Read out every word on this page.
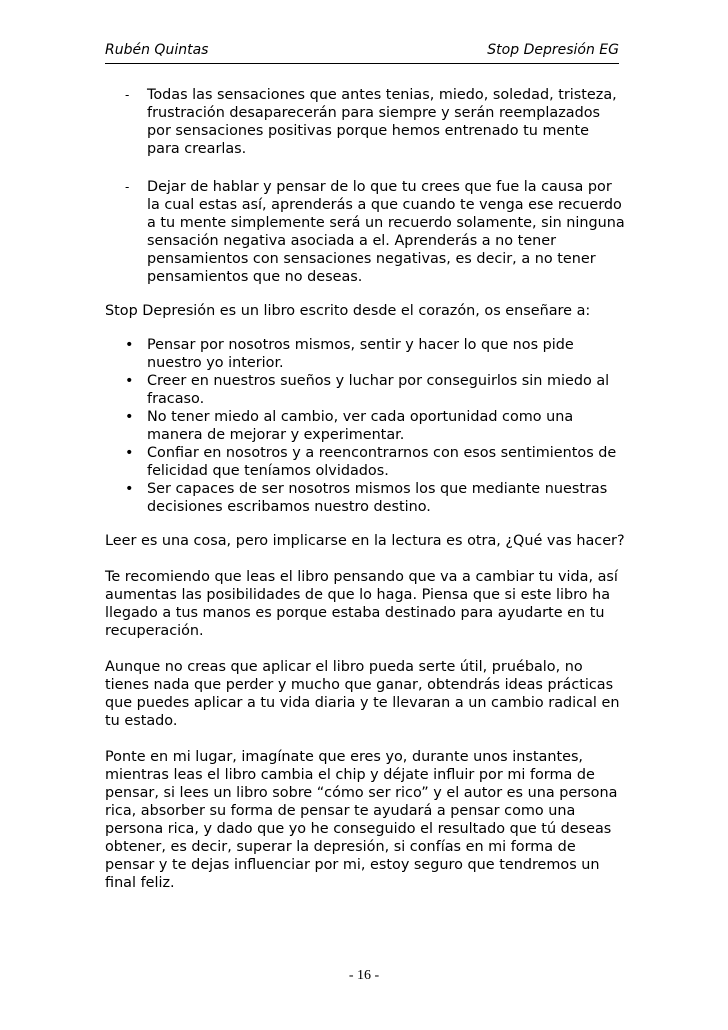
Rubén Quintas	Stop Depresión EG
- Todas las sensaciones que antes tenias, miedo, soledad, tristeza, frustración desaparecerán para siempre y serán reemplazados por sensaciones positivas porque hemos entrenado tu mente para crearlas.
- Dejar de hablar y pensar de lo que tu crees que fue la causa por la cual estas así, aprenderás a que cuando te venga ese recuerdo a tu mente simplemente será un recuerdo solamente, sin ninguna sensación negativa asociada a el. Aprenderás a no tener pensamientos con sensaciones negativas, es decir, a no tener pensamientos que no deseas.

Stop Depresión es un libro escrito desde el corazón, os enseñare a:

• Pensar por nosotros mismos, sentir y hacer lo que nos pide nuestro yo interior.
• Creer en nuestros sueños y luchar por conseguirlos sin miedo al fracaso.
• No tener miedo al cambio, ver cada oportunidad como una manera de mejorar y experimentar.
• Confiar en nosotros y a reencontrarnos con esos sentimientos de felicidad que teníamos olvidados.
• Ser capaces de ser nosotros mismos los que mediante nuestras decisiones escribamos nuestro destino.

Leer es una cosa, pero implicarse en la lectura es otra, ¿Qué vas hacer?

Te recomiendo que leas el libro pensando que va a cambiar tu vida, así aumentas las posibilidades de que lo haga. Piensa que si este libro ha llegado a tus manos es porque estaba destinado para ayudarte en tu recuperación.

Aunque no creas que aplicar el libro pueda serte útil, pruébalo, no tienes nada que perder y mucho que ganar, obtendrás ideas prácticas que puedes aplicar a tu vida diaria y te llevaran a un cambio radical en tu estado.

Ponte en mi lugar, imagínate que eres yo, durante unos instantes, mientras leas el libro cambia el chip y déjate influir por mi forma de pensar, si lees un libro sobre “cómo ser rico” y el autor es una persona rica, absorber su forma de pensar te ayudará a pensar como una persona rica, y dado que yo he conseguido el resultado que tú deseas obtener, es decir, superar la depresión, si confías en mi forma de pensar y te dejas influenciar por mi, estoy seguro que tendremos un final feliz.

- 16 -
